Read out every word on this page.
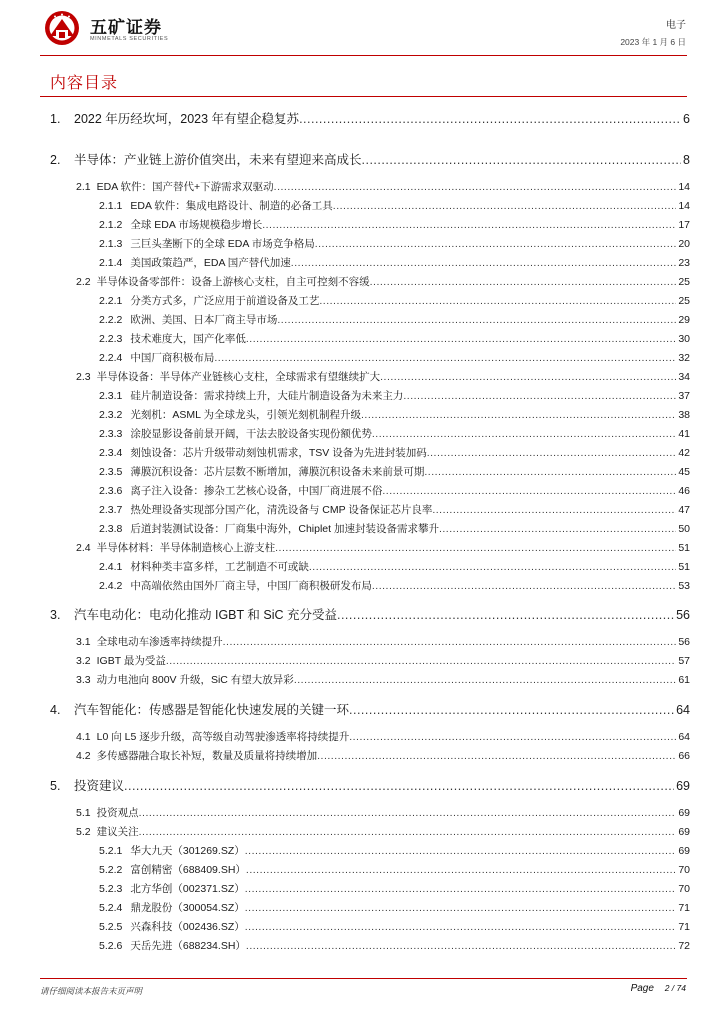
五矿证券
MINMETALS SECURITIES
电子
2023 年 1 月 6 日
内容目录
1.	2022 年历经坎坷，2023 年有望企稳复苏 .....	6
2.	半导体：产业链上游价值突出，未来有望迎来高成长 .....	8
2.1 EDA 软件：国产替代+下游需求双驱动 .....	14
2.1.1 EDA 软件：集成电路设计、制造的必备工具 .....	14
2.1.2 全球 EDA 市场规模稳步增长 .....	17
2.1.3 三巨头垄断下的全球 EDA 市场竞争格局 .....	20
2.1.4 美国政策趋严，EDA 国产替代加速 .....	23
2.2 半导体设备零部件：设备上游核心支柱，自主可控刻不容缓 .....	25
2.2.1 分类方式多，广泛应用于前道设备及工艺 .....	25
2.2.2 欧洲、美国、日本厂商主导市场 .....	29
2.2.3 技术难度大，国产化率低 .....	30
2.2.4 中国厂商积极布局 .....	32
2.3 半导体设备：半导体产业链核心支柱，全球需求有望继续扩大 .....	34
2.3.1 硅片制造设备：需求持续上升，大硅片制造设备为未来主力 .....	37
2.3.2 光刻机：ASML 为全球龙头，引领光刻机制程升级 .....	38
2.3.3 涂胶显影设备前景开阔，干法去胶设备实现份额优势 .....	41
2.3.4 刻蚀设备：芯片升级带动刻蚀机需求，TSV 设备为先进封装加码 .....	42
2.3.5 薄膜沉积设备：芯片层数不断增加，薄膜沉积设备未来前景可期 .....	45
2.3.6 离子注入设备：掺杂工艺核心设备，中国厂商进展不俗 .....	46
2.3.7 热处理设备实现部分国产化，清洗设备与 CMP 设备保证芯片良率 .....	47
2.3.8 后道封装测试设备：厂商集中海外，Chiplet 加速封装设备需求攀升 .....	50
2.4 半导体材料：半导体制造核心上游支柱 .....	51
2.4.1 材料种类丰富多样，工艺制造不可或缺 .....	51
2.4.2 中高端依然由国外厂商主导，中国厂商积极研发布局 .....	53
3.	汽车电动化：电动化推动 IGBT 和 SiC 充分受益 .....	56
3.1 全球电动车渗透率持续提升 .....	56
3.2 IGBT 最为受益 .....	57
3.3 动力电池向 800V 升级，SiC 有望大放异彩 .....	61
4.	汽车智能化：传感器是智能化快速发展的关键一环 .....	64
4.1 L0 向 L5 逐步升级，高等级自动驾驶渗透率将持续提升 .....	64
4.2 多传感器融合取长补短，数量及质量将持续增加 .....	66
5.	投资建议 .....	69
5.1 投资观点 .....	69
5.2 建议关注 .....	69
5.2.1 华大九天（301269.SZ） .....	69
5.2.2 富创精密（688409.SH） .....	70
5.2.3 北方华创（002371.SZ） .....	70
5.2.4 鼎龙股份（300054.SZ） .....	71
5.2.5 兴森科技（002436.SZ） .....	71
5.2.6 天岳先进（688234.SH） .....	72
请仔细阅读本报告末页声明	Page 2 / 74
